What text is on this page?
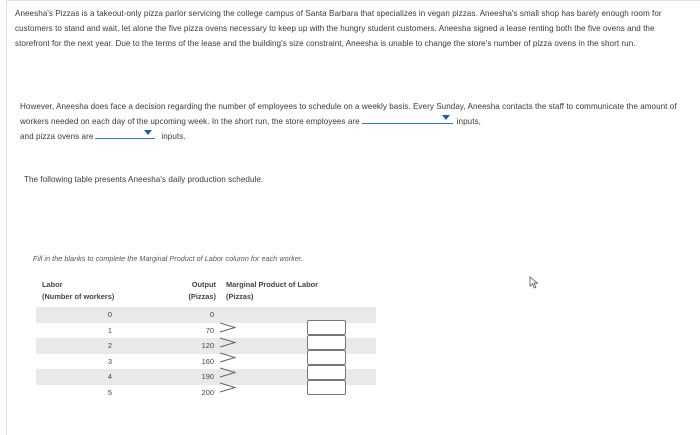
Aneesha's Pizzas is a takeout-only pizza parlor servicing the college campus of Santa Barbara that specializes in vegan pizzas. Aneesha's small shop has barely enough room for customers to stand and wait, let alone the five pizza ovens necessary to keep up with the hungry student customers. Aneesha signed a lease renting both the five ovens and the storefront for the next year. Due to the terms of the lease and the building's size constraint, Aneesha is unable to change the store's number of pizza ovens in the short run.
However, Aneesha does face a decision regarding the number of employees to schedule on a weekly basis. Every Sunday, Aneesha contacts the staff to communicate the amount of workers needed on each day of the upcoming week. In the short run, the store employees are	inputs,
and pizza ovens are	inputs.
The following table presents Aneesha's daily production schedule.
Fill in the blanks to complete the Marginal Product of Labor column for each worker.
Labor	Output	Marginal Product of Labor
(Number of workers)	(Pizzas)	(Pizzas)
0	0	
1	70	
2	120	
3	160	
4	190	
5	200	
